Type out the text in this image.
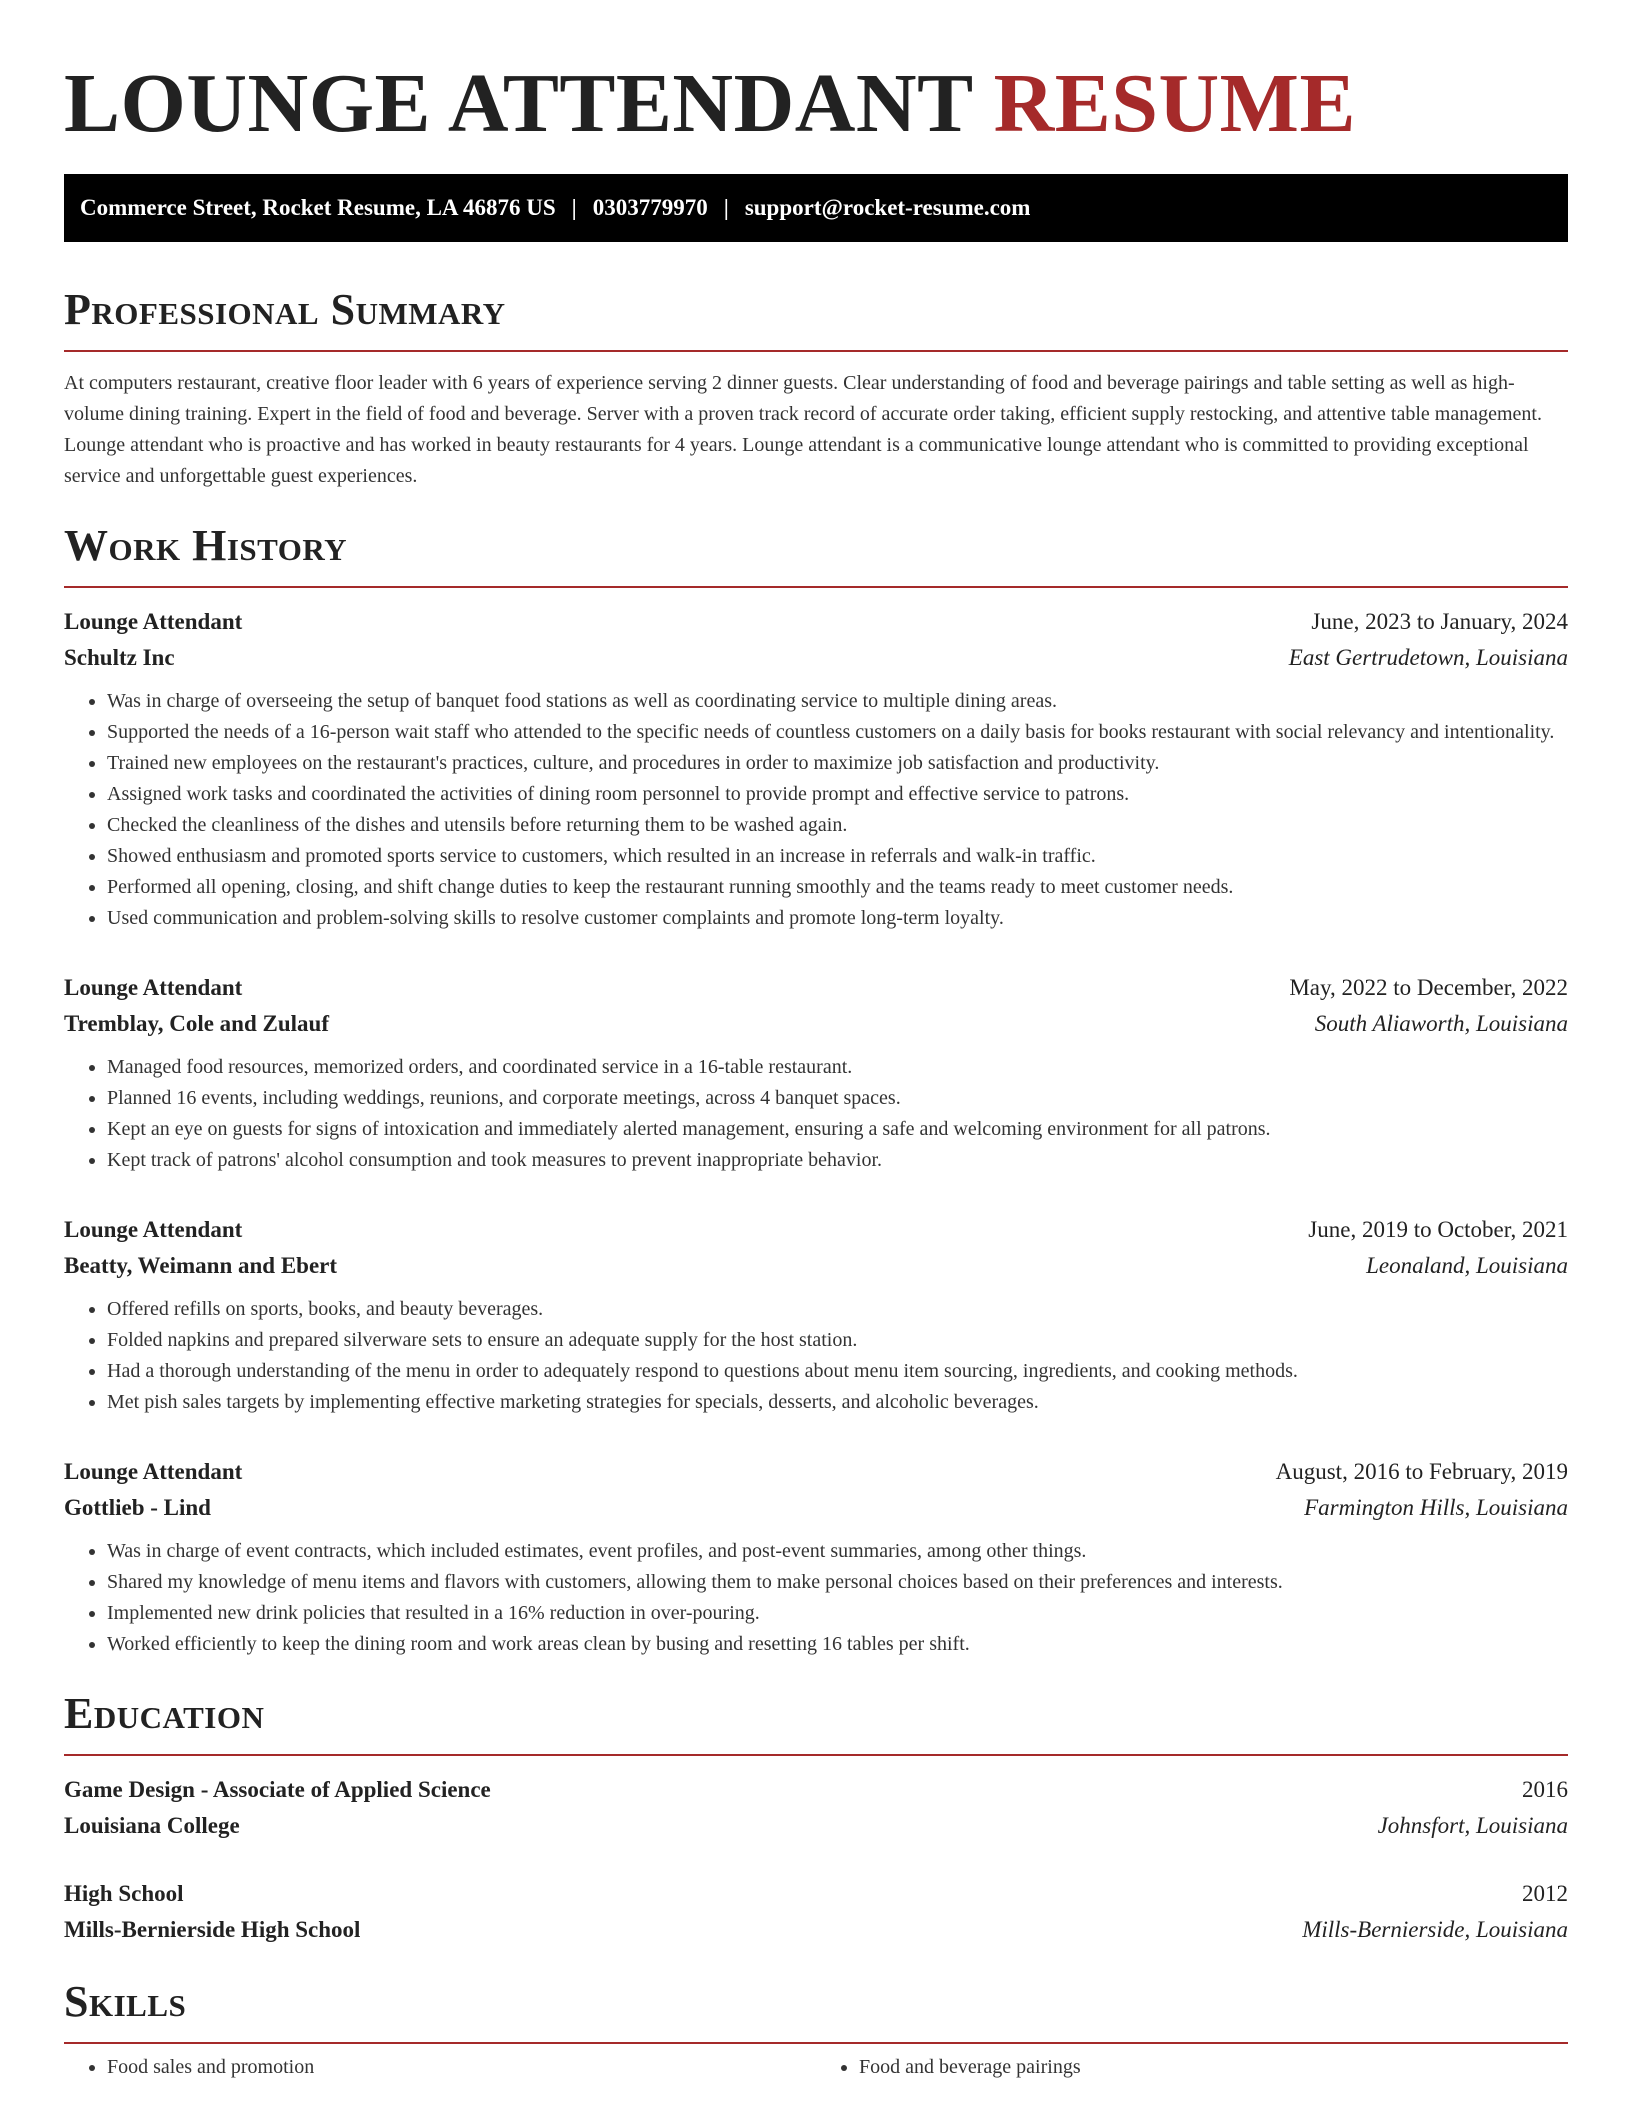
LOUNGE ATTENDANT RESUME
Commerce Street, Rocket Resume, LA 46876 US | 0303779970 | support@rocket-resume.com
Professional Summary

At computers restaurant, creative floor leader with 6 years of experience serving 2 dinner guests. Clear understanding of food and beverage pairings and table setting as well as high-volume dining training. Expert in the field of food and beverage. Server with a proven track record of accurate order taking, efficient supply restocking, and attentive table management. Lounge attendant who is proactive and has worked in beauty restaurants for 4 years. Lounge attendant is a communicative lounge attendant who is committed to providing exceptional service and unforgettable guest experiences.

Work History
Lounge Attendant	June, 2023 to January, 2024
Schultz Inc	East Gertrudetown, Louisiana
• Was in charge of overseeing the setup of banquet food stations as well as coordinating service to multiple dining areas.
• Supported the needs of a 16-person wait staff who attended to the specific needs of countless customers on a daily basis for books restaurant with social relevancy and intentionality.
• Trained new employees on the restaurant's practices, culture, and procedures in order to maximize job satisfaction and productivity.
• Assigned work tasks and coordinated the activities of dining room personnel to provide prompt and effective service to patrons.
• Checked the cleanliness of the dishes and utensils before returning them to be washed again.
• Showed enthusiasm and promoted sports service to customers, which resulted in an increase in referrals and walk-in traffic.
• Performed all opening, closing, and shift change duties to keep the restaurant running smoothly and the teams ready to meet customer needs.
• Used communication and problem-solving skills to resolve customer complaints and promote long-term loyalty.
Lounge Attendant	May, 2022 to December, 2022
Tremblay, Cole and Zulauf	South Aliaworth, Louisiana
• Managed food resources, memorized orders, and coordinated service in a 16-table restaurant.
• Planned 16 events, including weddings, reunions, and corporate meetings, across 4 banquet spaces.
• Kept an eye on guests for signs of intoxication and immediately alerted management, ensuring a safe and welcoming environment for all patrons.
• Kept track of patrons' alcohol consumption and took measures to prevent inappropriate behavior.
Lounge Attendant	June, 2019 to October, 2021
Beatty, Weimann and Ebert	Leonaland, Louisiana
• Offered refills on sports, books, and beauty beverages.
• Folded napkins and prepared silverware sets to ensure an adequate supply for the host station.
• Had a thorough understanding of the menu in order to adequately respond to questions about menu item sourcing, ingredients, and cooking methods.
• Met pish sales targets by implementing effective marketing strategies for specials, desserts, and alcoholic beverages.
Lounge Attendant	August, 2016 to February, 2019
Gottlieb - Lind	Farmington Hills, Louisiana
• Was in charge of event contracts, which included estimates, event profiles, and post-event summaries, among other things.
• Shared my knowledge of menu items and flavors with customers, allowing them to make personal choices based on their preferences and interests.
• Implemented new drink policies that resulted in a 16% reduction in over-pouring.
• Worked efficiently to keep the dining room and work areas clean by busing and resetting 16 tables per shift.
Education
Game Design - Associate of Applied Science	2016
Louisiana College	Johnsfort, Louisiana
High School	2012
Mills-Bernierside High School	Mills-Bernierside, Louisiana
Skills
• Food sales and promotion
•	Food and beverage pairings
